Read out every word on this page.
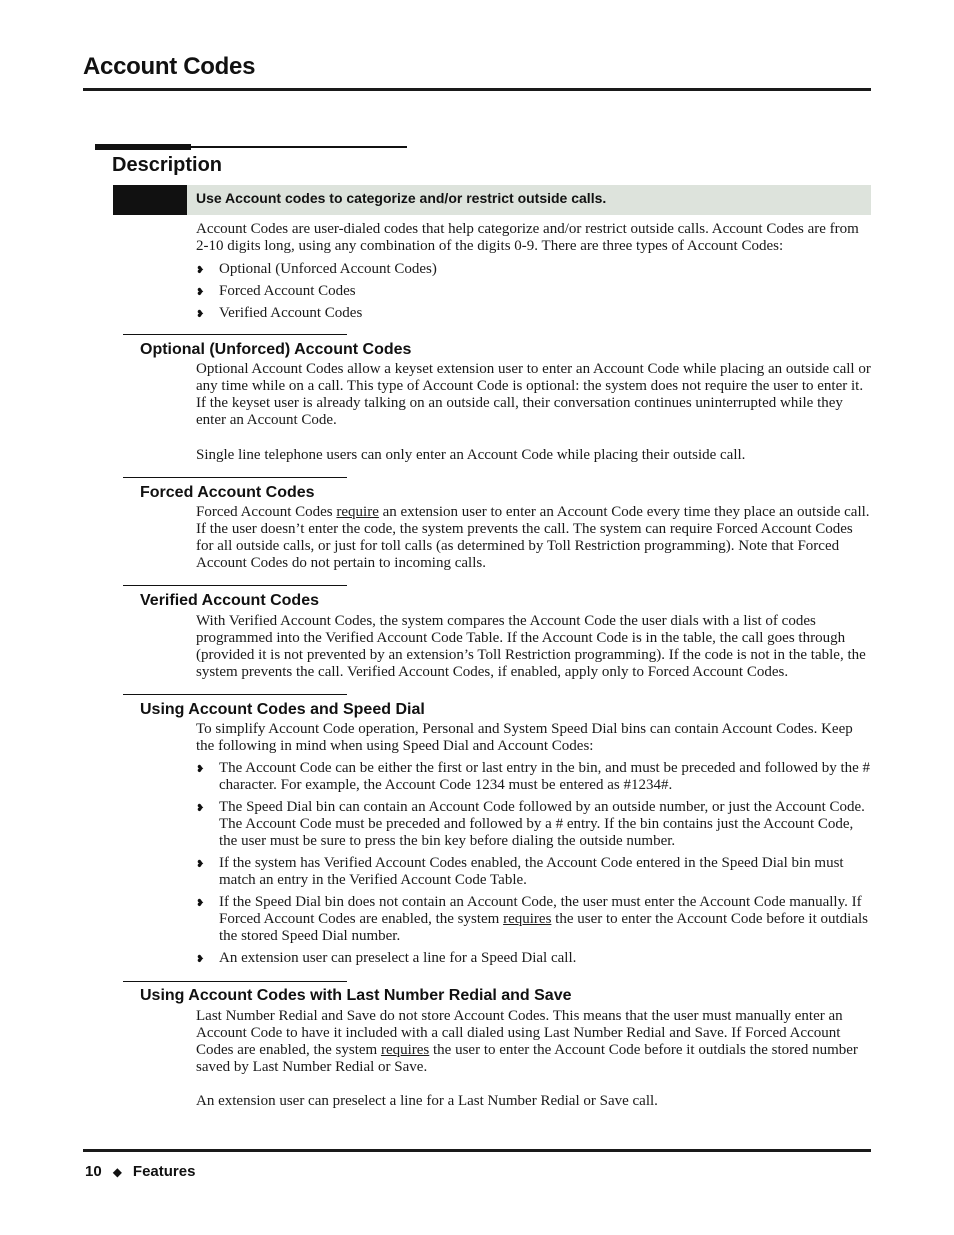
Account Codes
Description
Use Account codes to categorize and/or restrict outside calls.

Account Codes are user-dialed codes that help categorize and/or restrict outside calls. Account Codes are from 2-10 digits long, using any combination of the digits 0-9. There are three types of Account Codes:

❥ Optional (Unforced Account Codes)
❥ Forced Account Codes
❥ Verified Account Codes
Optional (Unforced) Account Codes

Optional Account Codes allow a keyset extension user to enter an Account Code while placing an outside call or any time while on a call. This type of Account Code is optional: the system does not require the user to enter it. If the keyset user is already talking on an outside call, their conversation continues uninterrupted while they enter an Account Code.

Single line telephone users can only enter an Account Code while placing their outside call.

Forced Account Codes

Forced Account Codes require an extension user to enter an Account Code every time they place an outside call. If the user doesn’t enter the code, the system prevents the call. The system can require Forced Account Codes for all outside calls, or just for toll calls (as determined by Toll Restriction programming). Note that Forced Account Codes do not pertain to incoming calls.

Verified Account Codes

With Verified Account Codes, the system compares the Account Code the user dials with a list of codes programmed into the Verified Account Code Table. If the Account Code is in the table, the call goes through (provided it is not prevented by an extension’s Toll Restriction programming). If the code is not in the table, the system prevents the call. Verified Account Codes, if enabled, apply only to Forced Account Codes.

Using Account Codes and Speed Dial

To simplify Account Code operation, Personal and System Speed Dial bins can contain Account Codes. Keep the following in mind when using Speed Dial and Account Codes:

❥ The Account Code can be either the first or last entry in the bin, and must be preceded and followed by the # character. For example, the Account Code 1234 must be entered as #1234#.
❥ The Speed Dial bin can contain an Account Code followed by an outside number, or just the Account Code. The Account Code must be preceded and followed by a # entry. If the bin contains just the Account Code, the user must be sure to press the bin key before dialing the outside number.
❥ If the system has Verified Account Codes enabled, the Account Code entered in the Speed Dial bin must match an entry in the Verified Account Code Table.
❥ If the Speed Dial bin does not contain an Account Code, the user must enter the Account Code manually. If Forced Account Codes are enabled, the system requires the user to enter the Account Code before it outdials the stored Speed Dial number.
❥ An extension user can preselect a line for a Speed Dial call.
Using Account Codes with Last Number Redial and Save

Last Number Redial and Save do not store Account Codes. This means that the user must manually enter an Account Code to have it included with a call dialed using Last Number Redial and Save. If Forced Account Codes are enabled, the system requires the user to enter the Account Code before it outdials the stored number saved by Last Number Redial or Save.

An extension user can preselect a line for a Last Number Redial or Save call.

10 ◆ Features
